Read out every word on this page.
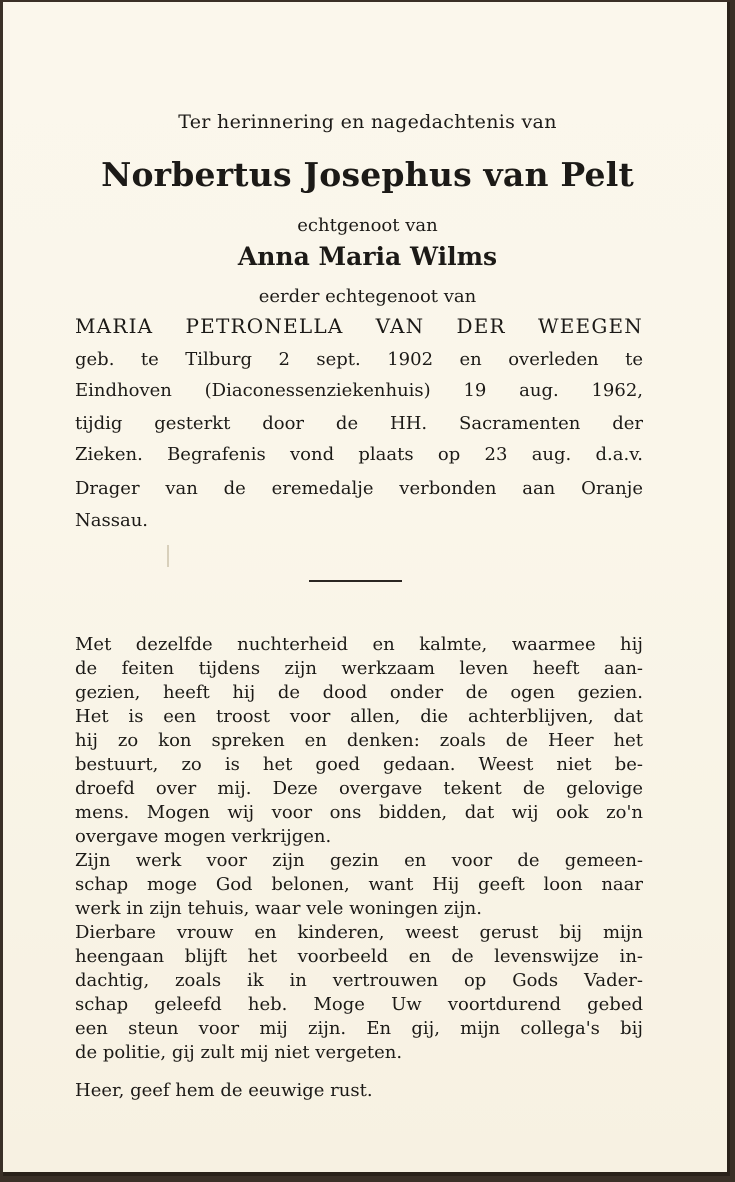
Ter herinnering en nagedachtenis van
Norbertus Josephus van Pelt
echtgenoot van
Anna Maria Wilms
eerder echtegenoot van
MARIA PETRONELLA VAN DER WEEGEN
geb. te Tilburg 2 sept. 1902 en overleden te
Eindhoven (Diaconessenziekenhuis) 19 aug. 1962,
tijdig gesterkt door de HH. Sacramenten der
Zieken. Begrafenis vond plaats op 23 aug. d.a.v.
Drager van de eremedalje verbonden aan Oranje
Nassau.
Met dezelfde nuchterheid en kalmte, waarmee hij
de feiten tijdens zijn werkzaam leven heeft aan-
gezien, heeft hij de dood onder de ogen gezien.
Het is een troost voor allen, die achterblijven, dat
hij zo kon spreken en denken: zoals de Heer het
bestuurt, zo is het goed gedaan. Weest niet be-
droefd over mij. Deze overgave tekent de gelovige
mens. Mogen wij voor ons bidden, dat wij ook zo'n
overgave mogen verkrijgen.
Zijn werk voor zijn gezin en voor de gemeen-
schap moge God belonen, want Hij geeft loon naar
werk in zijn tehuis, waar vele woningen zijn.
Dierbare vrouw en kinderen, weest gerust bij mijn
heengaan blijft het voorbeeld en de levenswijze in-
dachtig, zoals ik in vertrouwen op Gods Vader-
schap geleefd heb. Moge Uw voortdurend gebed
een steun voor mij zijn. En gij, mijn collega's bij
de politie, gij zult mij niet vergeten.
Heer, geef hem de eeuwige rust.
